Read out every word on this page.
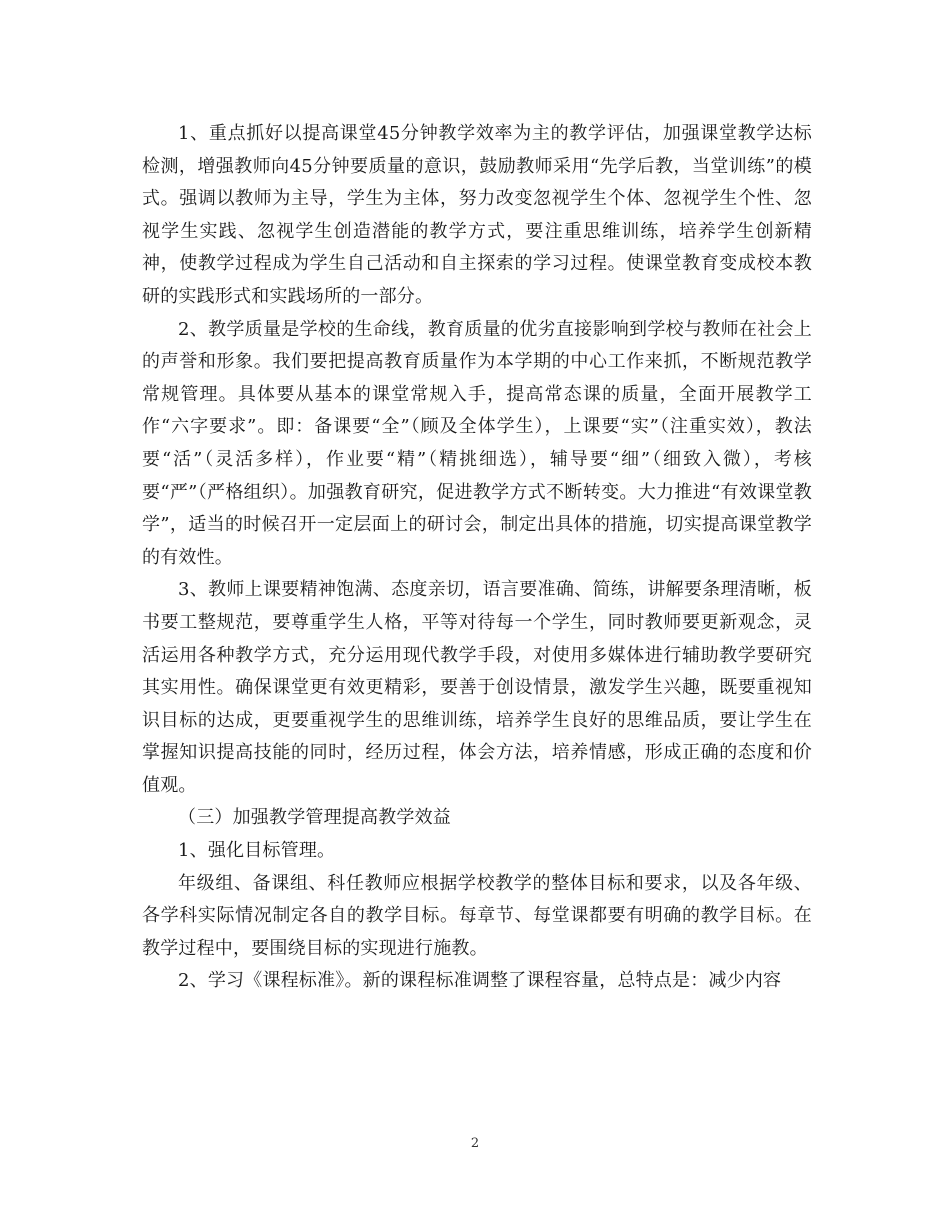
1、重点抓好以提高课堂45分钟教学效率为主的教学评估，加强课堂教学达标检测，增强教师向45分钟要质量的意识，鼓励教师采用“先学后教，当堂训练”的模式。强调以教师为主导，学生为主体，努力改变忽视学生个体、忽视学生个性、忽视学生实践、忽视学生创造潜能的教学方式，要注重思维训练，培养学生创新精神，使教学过程成为学生自己活动和自主探索的学习过程。使课堂教育变成校本教研的实践形式和实践场所的一部分。

2、教学质量是学校的生命线，教育质量的优劣直接影响到学校与教师在社会上的声誉和形象。我们要把提高教育质量作为本学期的中心工作来抓，不断规范教学常规管理。具体要从基本的课堂常规入手，提高常态课的质量，全面开展教学工作“六字要求”。即：备课要“全”（顾及全体学生），上课要“实”（注重实效），教法要“活”（灵活多样），作业要“精”（精挑细选），辅导要“细”（细致入微），考核要“严”（严格组织）。加强教育研究，促进教学方式不断转变。大力推进“有效课堂教学”，适当的时候召开一定层面上的研讨会，制定出具体的措施，切实提高课堂教学的有效性。

3、教师上课要精神饱满、态度亲切，语言要准确、简练，讲解要条理清晰，板书要工整规范，要尊重学生人格，平等对待每一个学生，同时教师要更新观念，灵活运用各种教学方式，充分运用现代教学手段，对使用多媒体进行辅助教学要研究其实用性。确保课堂更有效更精彩，要善于创设情景，激发学生兴趣，既要重视知识目标的达成，更要重视学生的思维训练，培养学生良好的思维品质，要让学生在掌握知识提高技能的同时，经历过程，体会方法，培养情感，形成正确的态度和价值观。

（三）加强教学管理提高教学效益

1、强化目标管理。

年级组、备课组、科任教师应根据学校教学的整体目标和要求，以及各年级、各学科实际情况制定各自的教学目标。每章节、每堂课都要有明确的教学目标。在教学过程中，要围绕目标的实现进行施教。

2、学习《课程标准》。新的课程标准调整了课程容量，总特点是：减少内容

2
